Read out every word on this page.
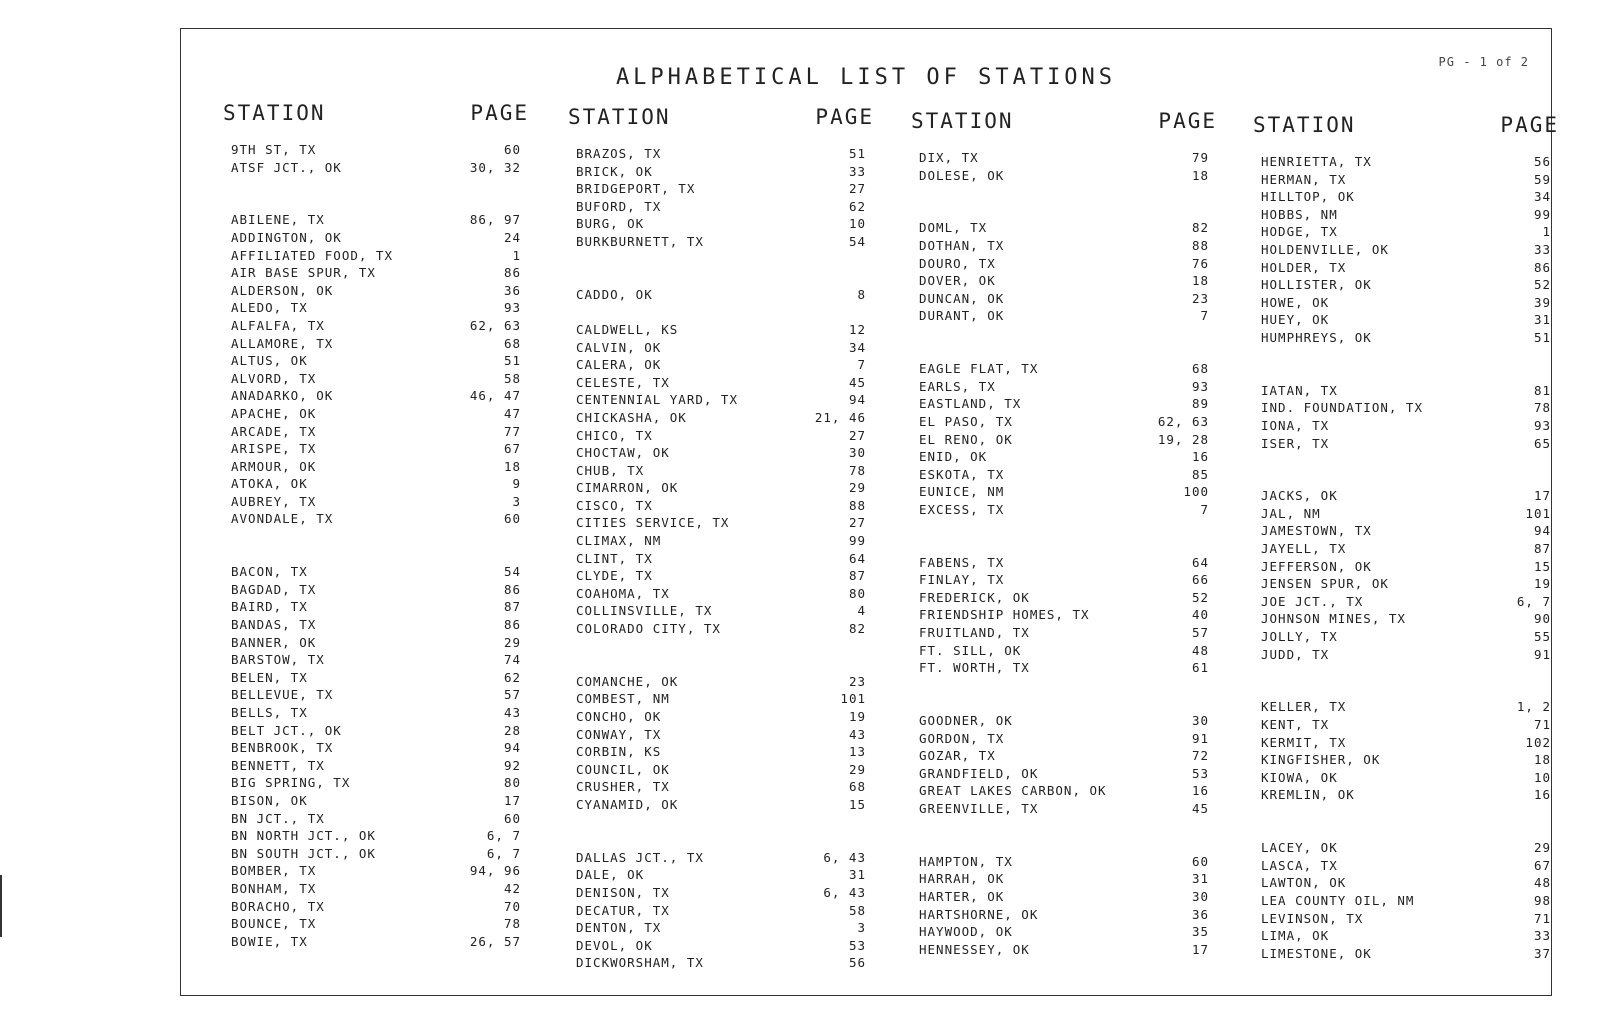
PG - 1 of 2
ALPHABETICAL LIST OF STATIONS
STATION	PAGE
9TH ST, TX	60
ATSF JCT., OK	30, 32
ABILENE, TX	86, 97
ADDINGTON, OK	24
AFFILIATED FOOD, TX	1
AIR BASE SPUR, TX	86
ALDERSON, OK	36
ALEDO, TX	93
ALFALFA, TX	62, 63
ALLAMORE, TX	68
ALTUS, OK	51
ALVORD, TX	58
ANADARKO, OK	46, 47
APACHE, OK	47
ARCADE, TX	77
ARISPE, TX	67
ARMOUR, OK	18
ATOKA, OK	9
AUBREY, TX	3
AVONDALE, TX	60
BACON, TX	54
BAGDAD, TX	86
BAIRD, TX	87
BANDAS, TX	86
BANNER, OK	29
BARSTOW, TX	74
BELEN, TX	62
BELLEVUE, TX	57
BELLS, TX	43
BELT JCT., OK	28
BENBROOK, TX	94
BENNETT, TX	92
BIG SPRING, TX	80
BISON, OK	17
BN JCT., TX	60
BN NORTH JCT., OK	6, 7
BN SOUTH JCT., OK	6, 7
BOMBER, TX	94, 96
BONHAM, TX	42
BORACHO, TX	70
BOUNCE, TX	78
BOWIE, TX	26, 57
STATION	PAGE
BRAZOS, TX	51
BRICK, OK	33
BRIDGEPORT, TX	27
BUFORD, TX	62
BURG, OK	10
BURKBURNETT, TX	54
CADDO, OK	8
CALDWELL, KS	12
CALVIN, OK	34
CALERA, OK	7
CELESTE, TX	45
CENTENNIAL YARD, TX	94
CHICKASHA, OK	21, 46
CHICO, TX	27
CHOCTAW, OK	30
CHUB, TX	78
CIMARRON, OK	29
CISCO, TX	88
CITIES SERVICE, TX	27
CLIMAX, NM	99
CLINT, TX	64
CLYDE, TX	87
COAHOMA, TX	80
COLLINSVILLE, TX	4
COLORADO CITY, TX	82
COMANCHE, OK	23
COMBEST, NM	101
CONCHO, OK	19
CONWAY, TX	43
CORBIN, KS	13
COUNCIL, OK	29
CRUSHER, TX	68
CYANAMID, OK	15
DALLAS JCT., TX	6, 43
DALE, OK	31
DENISON, TX	6, 43
DECATUR, TX	58
DENTON, TX	3
DEVOL, OK	53
DICKWORSHAM, TX	56
STATION	PAGE
DIX, TX	79
DOLESE, OK	18
DOML, TX	82
DOTHAN, TX	88
DOURO, TX	76
DOVER, OK	18
DUNCAN, OK	23
DURANT, OK	7
EAGLE FLAT, TX	68
EARLS, TX	93
EASTLAND, TX	89
EL PASO, TX	62, 63
EL RENO, OK	19, 28
ENID, OK	16
ESKOTA, TX	85
EUNICE, NM	100
EXCESS, TX	7
FABENS, TX	64
FINLAY, TX	66
FREDERICK, OK	52
FRIENDSHIP HOMES, TX	40
FRUITLAND, TX	57
FT. SILL, OK	48
FT. WORTH, TX	61
GOODNER, OK	30
GORDON, TX	91
GOZAR, TX	72
GRANDFIELD, OK	53
GREAT LAKES CARBON, OK	16
GREENVILLE, TX	45
HAMPTON, TX	60
HARRAH, OK	31
HARTER, OK	30
HARTSHORNE, OK	36
HAYWOOD, OK	35
HENNESSEY, OK	17
STATION	PAGE
HENRIETTA, TX	56
HERMAN, TX	59
HILLTOP, OK	34
HOBBS, NM	99
HODGE, TX	1
HOLDENVILLE, OK	33
HOLDER, TX	86
HOLLISTER, OK	52
HOWE, OK	39
HUEY, OK	31
HUMPHREYS, OK	51
IATAN, TX	81
IND. FOUNDATION, TX	78
IONA, TX	93
ISER, TX	65
JACKS, OK	17
JAL, NM	101
JAMESTOWN, TX	94
JAYELL, TX	87
JEFFERSON, OK	15
JENSEN SPUR, OK	19
JOE JCT., TX	6, 7
JOHNSON MINES, TX	90
JOLLY, TX	55
JUDD, TX	91
KELLER, TX	1, 2
KENT, TX	71
KERMIT, TX	102
KINGFISHER, OK	18
KIOWA, OK	10
KREMLIN, OK	16
LACEY, OK	29
LASCA, TX	67
LAWTON, OK	48
LEA COUNTY OIL, NM	98
LEVINSON, TX	71
LIMA, OK	33
LIMESTONE, OK	37
